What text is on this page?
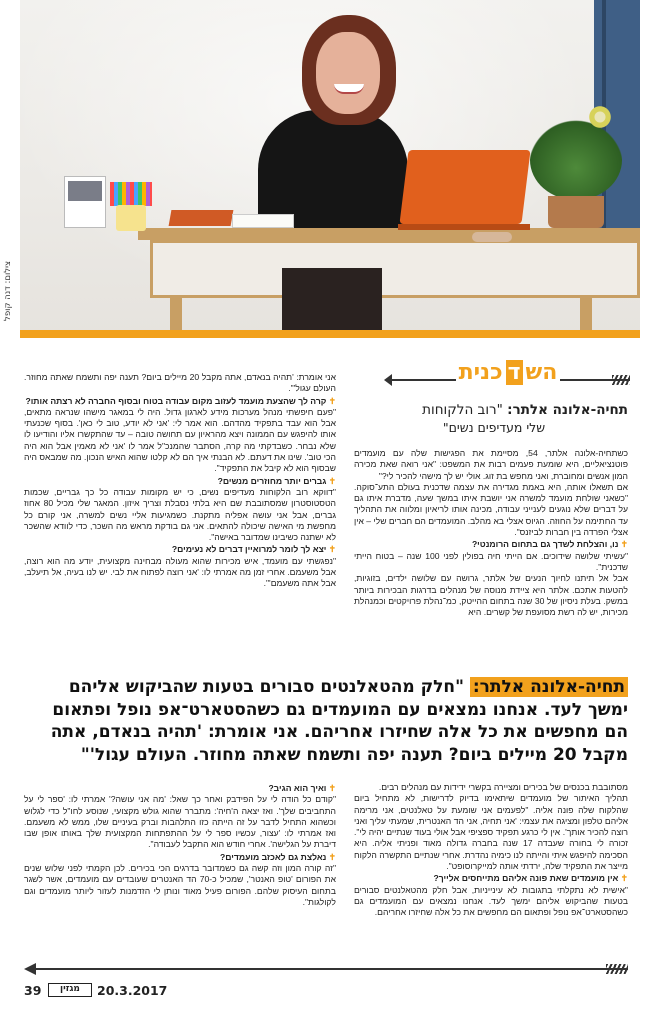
צילום: דנה קופל
השדכנית
תחיה-אלונה אלתר: "רוב הלקוחות
שלי מעדיפים נשים"

כשתחיה-אלונה אלתר, 54, מסיימת את הפגישות שלה עם מועמדים פוטנציאליים, היא שומעת פעמים רבות את המשפט: "אני רואה שאת מכירה המון אנשים ומחוברת, ואני מחפש בת זוג. אולי יש לך מישהי להכיר לי?"

אם תשאלו אותה, היא באמת מגדירה את עצמה שדכנית בעולם התע־סוקה. "כשאני שולחת מועמד למשרה אני יושבת איתו במשך שעה, מדברת איתו גם על דברים שלא נוגעים לענייני עבודה, מכינה אותו לריאיון ומלווה את התהליך עד החתימה על החוזה. הגיוס אצלי בא מהלב. המועמדים הם חברים שלי – אין אצלי הפרדה בין חברות לביזנס".

✝ נו, והצלחת לשדך גם בתחום הרומנטי?

"עשיתי שלושה שידוכים. אם הייתי חיה בפולין לפני 100 שנה – בטוח הייתי שדכנית".

אבל אל תיתנו לחיוך הנעים של אלתר, גרושה עם שלושה ילדים, בזוגיות, להטעות אתכם. אלתר היא ציידת מנוסה של מנהלים בדרגות הבכירות ביותר במשק. בעלת ניסיון של 30 שנה בתחום ההייטק, כמ־נהלת פרויקטים וכמנהלת מכירות, יש לה רשת מסועפת של קשרים. היא

אני אומרת: 'תהיה בנאדם, אתה מקבל 20 מיילים ביום? תענה יפה ותשמח שאתה מחוזר. העולם עגול'".

✝ קרה לך שהצעת מועמד לעזוב מקום עבודה בטוח ובסוף החברה לא רצתה אותו?

"פעם חיפשתי מנהל מערכות מידע לארגון גדול. היה לי במאגר מישהו שנראה מתאים, אבל הוא עבד בתפקיד מהדהם. הוא אמר לי: 'אני לא יודע, טוב לי כאן'. בסוף שכנעתי אותו להיפגש עם הממונה ויצא מהראיון עם תחושה טובה – עד שהתקשרו אליו והודיעו לו שלא נבחר. כשבדקתי מה קרה, הסתבר שהמנכ"ל אמר לו 'אני לא מאמין אבל הוא היה הכי טוב'. שינו את דעתם. לא הבנתי איך הם לא קלטו שהוא האיש הנכון. מה שמבאס היה שבסוף הוא לא קיבל את התפקיד".

✝ גברים יותר מחוזרים מנשים?

"דווקא רוב הלקוחות מעדיפים נשים, כי יש מקומות עבודה כל כך גבריים, שכמות הטסטוסטרון שמסתובבת שם היא בלתי נסבלת וצריך איזון. המאגר שלי מכיל 80 אחוז גברים, אבל אני עושה אפליה מתקנת. כשמגיעות אליי נשים למשרה, אני קורם כל מחפשת מי האישה שיכולה להתאים. אני גם בודקת מראש מה השכר, כדי לוודא שהשכר לא ישתנה כשיבינו שמדובר באישה".

✝ יצא לך לומר למרואיין דברים לא נעימים?

"נפגשתי עם מועמד, איש מכירות שהוא מעולה מבחינה מקצועית, יודע מה הוא רוצה, אבל משעמם. אחרי זמן מה אמרתי לו: 'אני רוצה לפתוח את לבי. יש לנו בעיה, אל תיעלב, אבל אתה משעמם'".

תחיה-אלונה אלתר: "חלק מהטאלנטים סבורים בטעות שהביקוש אליהם ימשך לעד. אנחנו נמצאים עם המועמדים גם כשהסטארט־אפ נופל ופתאום הם מחפשים את כל אלה שחיזרו אחריהם. אני אומרת: 'תהיה בנאדם, אתה מקבל 20 מיילים ביום? תענה יפה ותשמח שאתה מחוזר. העולם עגול'"

מסתובבת בכנסים של בכירים ומציירה בקשרי ידידות עם מנהלים רבים.

תהליך האיתור של מועמדים שיתאימו בדיוק לדרישות, לא מתחיל ביום שהלקוח שלה פונה אליה. "לפעמים אני שומעת על טאלנטים, אני מרימה אליהם טלפון ומציגה את עצמי: 'אני תחיה, אני הד האנטרית, שמעתי עליך ואני רוצה להכיר אותך'. אין לי כרגע תפקיד ספציפי אבל אולי בעוד שנתיים יהיה לי". זכורה לי בחורה שעבדה 17 שנה בחברה גדולה מאוד ופניתי אליה. היא הסכימה להיפגש איתי והייתה לנו כימיה נהדרת. אחרי שנתיים התקשרה הלקוח מייצר את התפקיד שלה, ירדתי אותה למייקרוסופט".

✝ אין מועמדים שאת פונה אליהם מתייחסים אלייך?

"אישית לא נתקלתי בתגובות לא עינייניות, אבל חלק מהטאלנטים סבורים בטעות שהביקוש אליהם ימשך לעד. אנחנו נמצאים עם המועמדים גם כשהסטארט־אפ נופל ופתאום הם מחפשים את כל אלה שחיזרו אחריהם.

✝ ואיך הוא הגיב?

"קודם כל הודה לי על הפידבק ואחר כך שאל: 'מה אני עושה?' אמרתי לו: 'ספר לי על התחביבים שלך'. ואז יצאה ה'חיה': מתברר שהוא גולש מקצועי, שנוסע לחו"ל כדי לגלוש וכשהוא התחיל לדבר על זה הייתה כזו התלהבות וברק בעיניים שלו, ממש לא משעמם. ואז אמרתי לו: 'עצור, עכשיו ספר לי על ההתפתחות המקצועית שלך באותו אופן שבו דיברת על הגלישה'. אחרי חודש הוא התקבל לעבודה".

✝ נאלצת גם לאכזב מועמדים?

"זה קורה המון וזה קשה גם כשמדובר בדרגים הכי בכירים. לכן הקמתי לפני שלוש שנים את הפורום 'טופ האנטר', שמכיל כ-70 הד האנטרים שעובדים עם מועמדים, אשר לשגר בתחום העיסוק שלהם. הפורום פעיל מאוד ונותן לי הזדמנות לעזור ליותר מועמדים וגם לקולגות".

39	מגזין	20.3.2017
